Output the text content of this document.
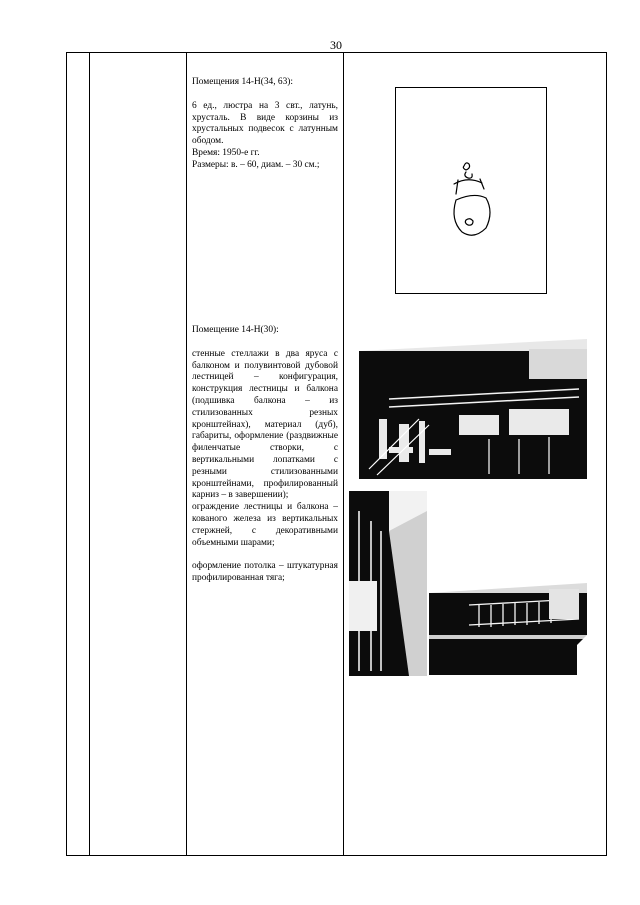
30

Помещения 14-Н(34, 63):

6 ед., люстра на 3 свт., латунь, хрусталь. В виде корзины из хрустальных подвесок с латунным ободом.

Время: 1950-е гг.

Размеры: в. – 60, диам. – 30 см.;

Помещение 14-Н(30):

стенные стеллажи в два яруса с балконом и полувинтовой дубовой лестницей – конфигурация, конструкция лестницы и балкона (подшивка балкона – из стилизованных резных кронштейнах), материал (дуб), габариты, оформление (раздвижные филенчатые створки, с вертикальными лопатками с резными стилизованными кронштейнами, профилированный карниз – в завершении);

ограждение лестницы и балкона – кованого железа из вертикальных стержней, с декоративными объемными шарами;

оформление потолка – штукатурная профилированная тяга;
